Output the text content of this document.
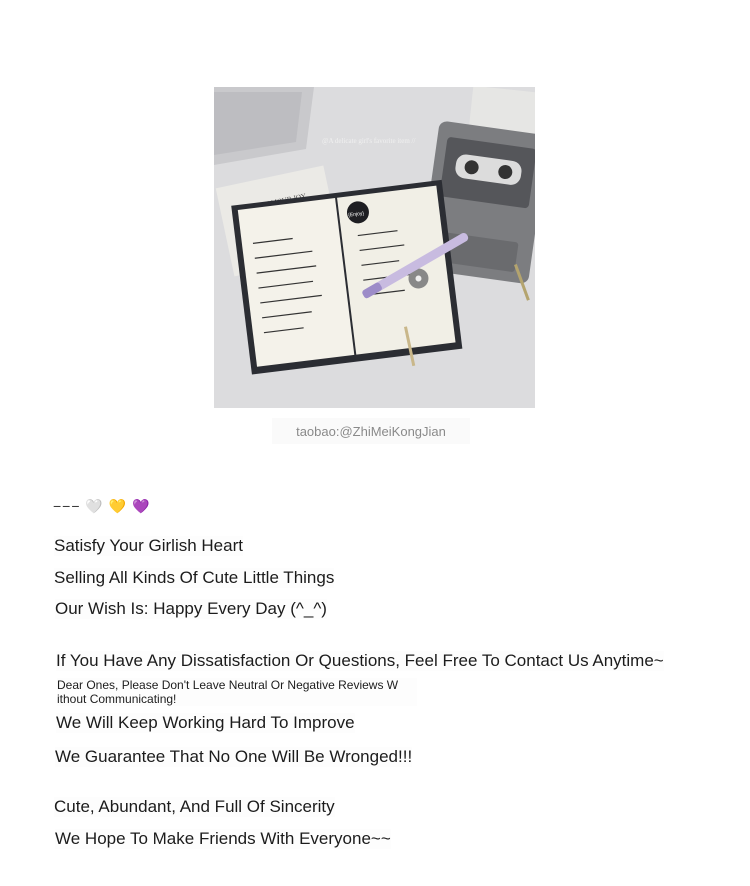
{Enjoy}
@A delicate girl's favorite item //
taobao:@ZhiMeiKongJian
−−− 🤍 💛 💜
Satisfy Your Girlish Heart
Selling All Kinds Of Cute Little Things
Our Wish Is: Happy Every Day (^_^)
If You Have Any Dissatisfaction Or Questions, Feel Free To Contact Us Anytime~
Dear Ones, Please Don't Leave Neutral Or Negative Reviews W
ithout Communicating!
We Will Keep Working Hard To Improve
We Guarantee That No One Will Be Wronged!!!
Cute, Abundant, And Full Of Sincerity
We Hope To Make Friends With Everyone~~
